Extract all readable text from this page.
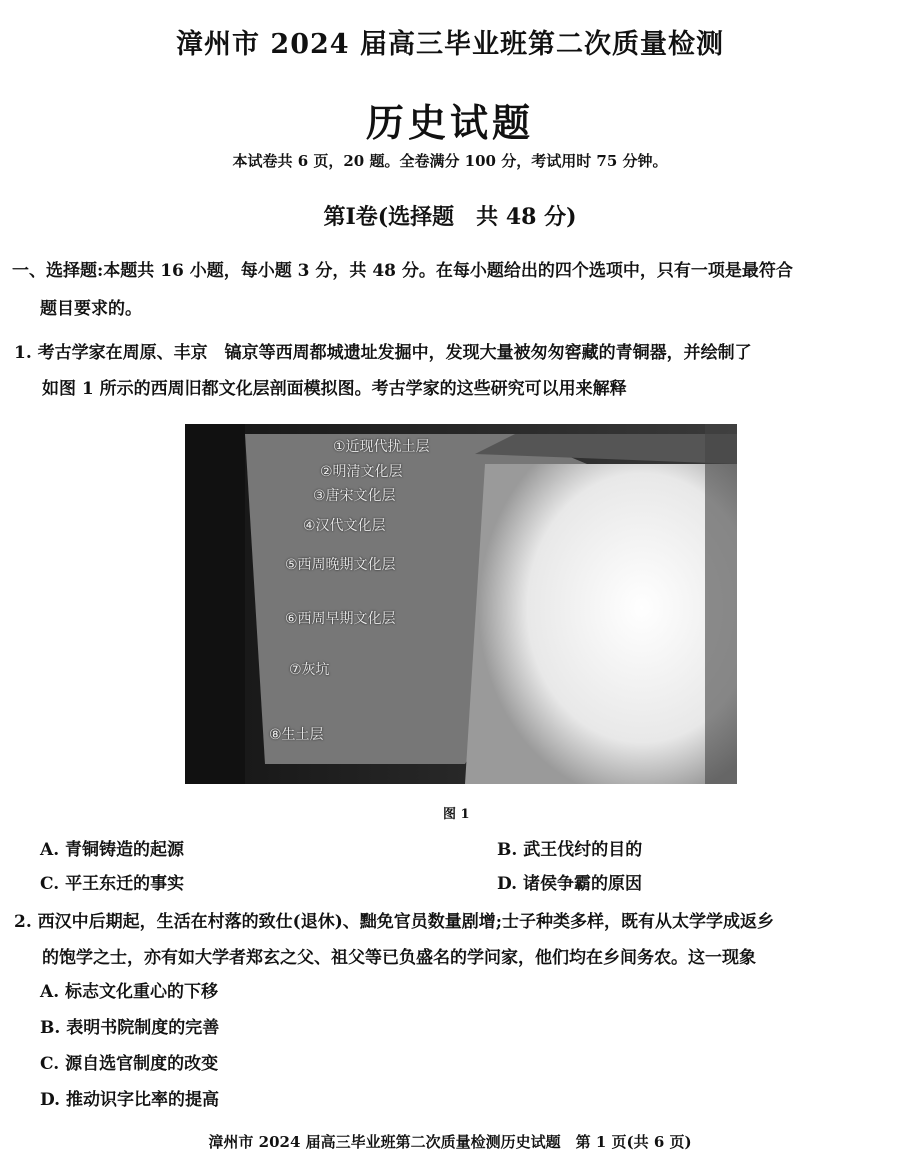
漳州市 2024 届高三毕业班第二次质量检测
历史试题
本试卷共 6 页，20 题。全卷满分 100 分，考试用时 75 分钟。
第Ⅰ卷(选择题　共 48 分)
一、选择题:本题共 16 小题，每小题 3 分，共 48 分。在每小题给出的四个选项中，只有一项是最符合
题目要求的。
1. 考古学家在周原、丰京　镐京等西周都城遗址发掘中，发现大量被匆匆窖藏的青铜器，并绘制了
如图 1 所示的西周旧都文化层剖面模拟图。考古学家的这些研究可以用来解释
①近现代扰土层
②明清文化层
③唐宋文化层
④汉代文化层
⑤西周晚期文化层
⑥西周早期文化层
⑦灰坑
⑧生土层
图 1
A. 青铜铸造的起源	B. 武王伐纣的目的
C. 平王东迁的事实	D. 诸侯争霸的原因
2. 西汉中后期起，生活在村落的致仕(退休)、黜免官员数量剧增;士子种类多样，既有从太学学成返乡
的饱学之士，亦有如大学者郑玄之父、祖父等已负盛名的学问家，他们均在乡间务农。这一现象
A. 标志文化重心的下移
B. 表明书院制度的完善
C. 源自选官制度的改变
D. 推动识字比率的提高
漳州市 2024 届高三毕业班第二次质量检测历史试题　第 1 页(共 6 页)
